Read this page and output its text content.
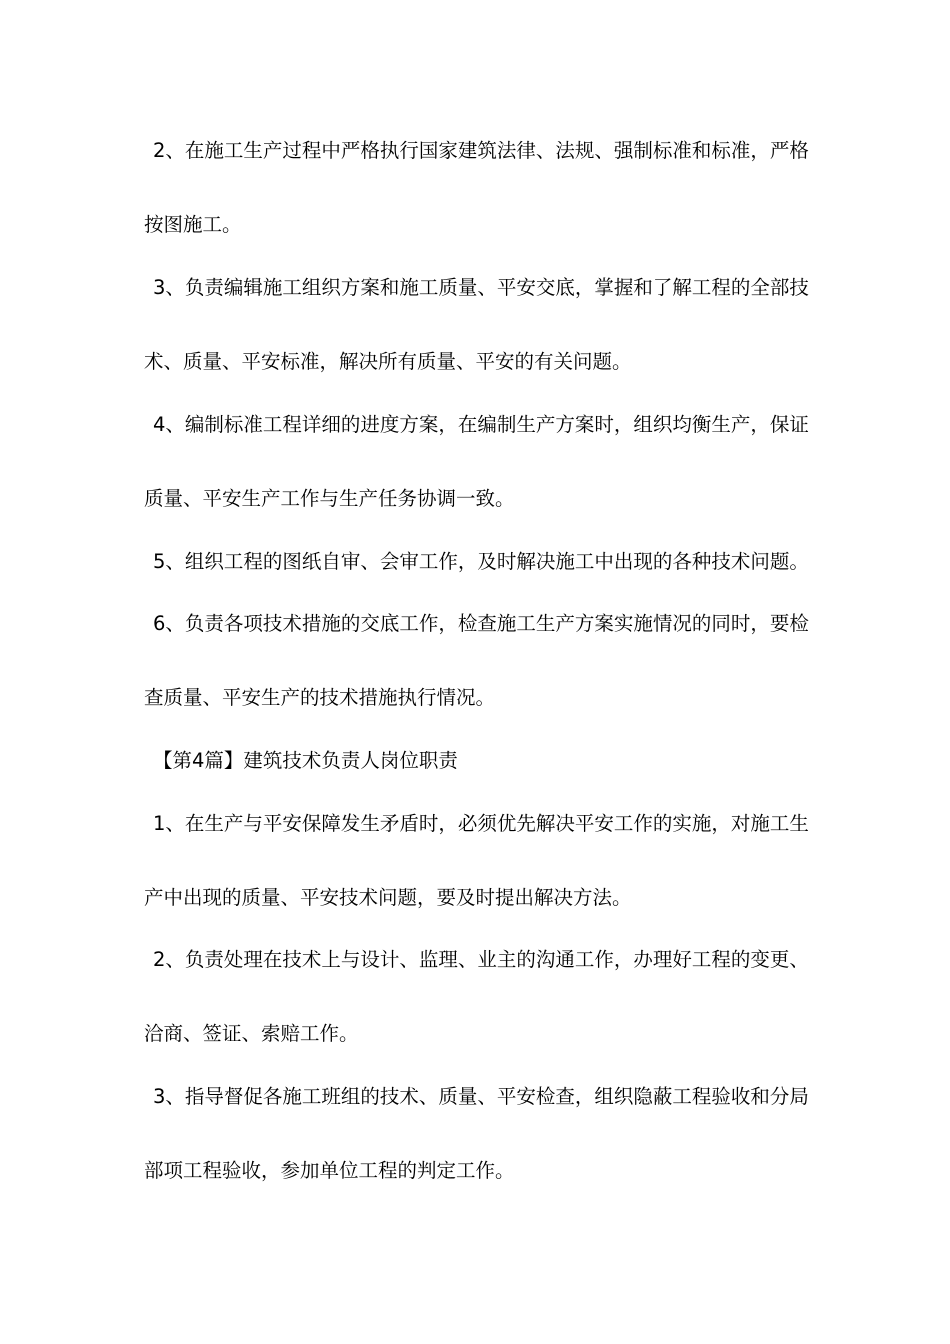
2、在施工生产过程中严格执行国家建筑法律、法规、强制标准和标准，严格
按图施工。
3、负责编辑施工组织方案和施工质量、平安交底，掌握和了解工程的全部技
术、质量、平安标准，解决所有质量、平安的有关问题。
4、编制标准工程详细的进度方案，在编制生产方案时，组织均衡生产，保证
质量、平安生产工作与生产任务协调一致。
5、组织工程的图纸自审、会审工作，及时解决施工中出现的各种技术问题。
6、负责各项技术措施的交底工作，检查施工生产方案实施情况的同时，要检
查质量、平安生产的技术措施执行情况。
【第4篇】建筑技术负责人岗位职责
1、在生产与平安保障发生矛盾时，必须优先解决平安工作的实施，对施工生
产中出现的质量、平安技术问题，要及时提出解决方法。
2、负责处理在技术上与设计、监理、业主的沟通工作，办理好工程的变更、
洽商、签证、索赔工作。
3、指导督促各施工班组的技术、质量、平安检查，组织隐蔽工程验收和分局
部项工程验收，参加单位工程的判定工作。
